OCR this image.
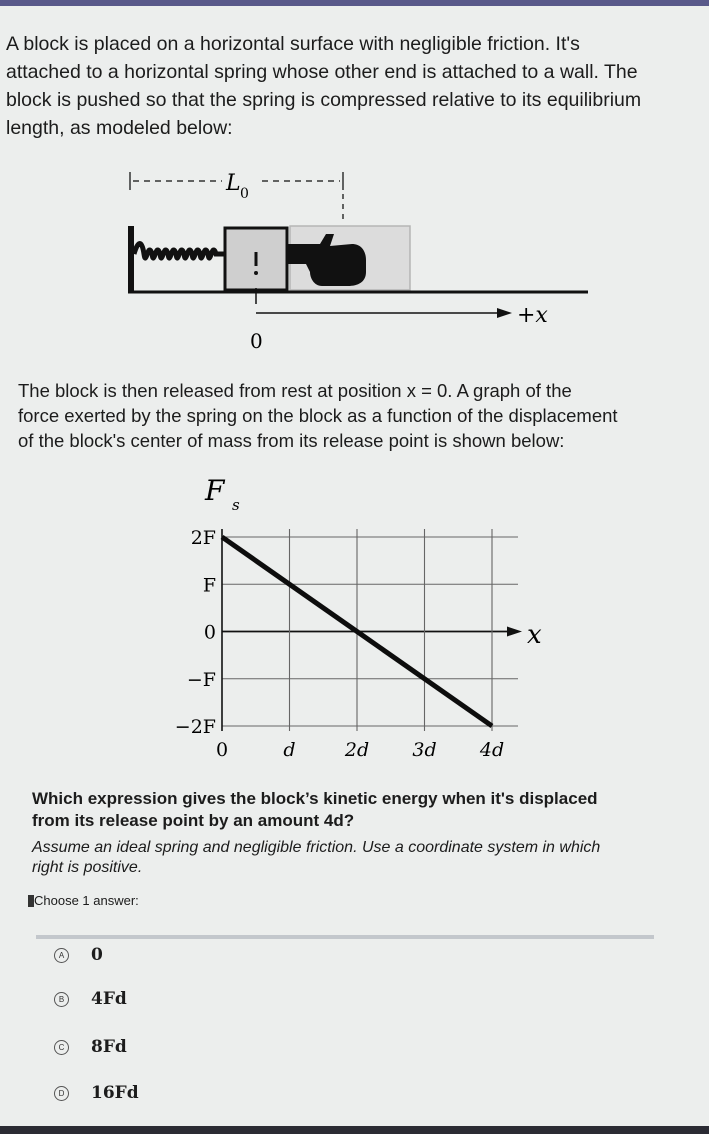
A block is placed on a horizontal surface with negligible friction. It's

attached to a horizontal spring whose other end is attached to a wall. The

block is pushed so that the spring is compressed relative to its equilibrium

length, as modeled below:

L 0
0
+x

The block is then released from rest at position x = 0. A graph of the

force exerted by the spring on the block as a function of the displacement

of the block's center of mass from its release point is shown below:

F s
2F
F
0
−F
−2F
0	d	2d 3d 4d
x

Which expression gives the block’s kinetic energy when it's displaced

from its release point by an amount 4d?

Assume an ideal spring and negligible friction. Use a coordinate system in which

right is positive.

Choose 1 answer:
A 0
B 4Fd
C 8Fd
D 16Fd
